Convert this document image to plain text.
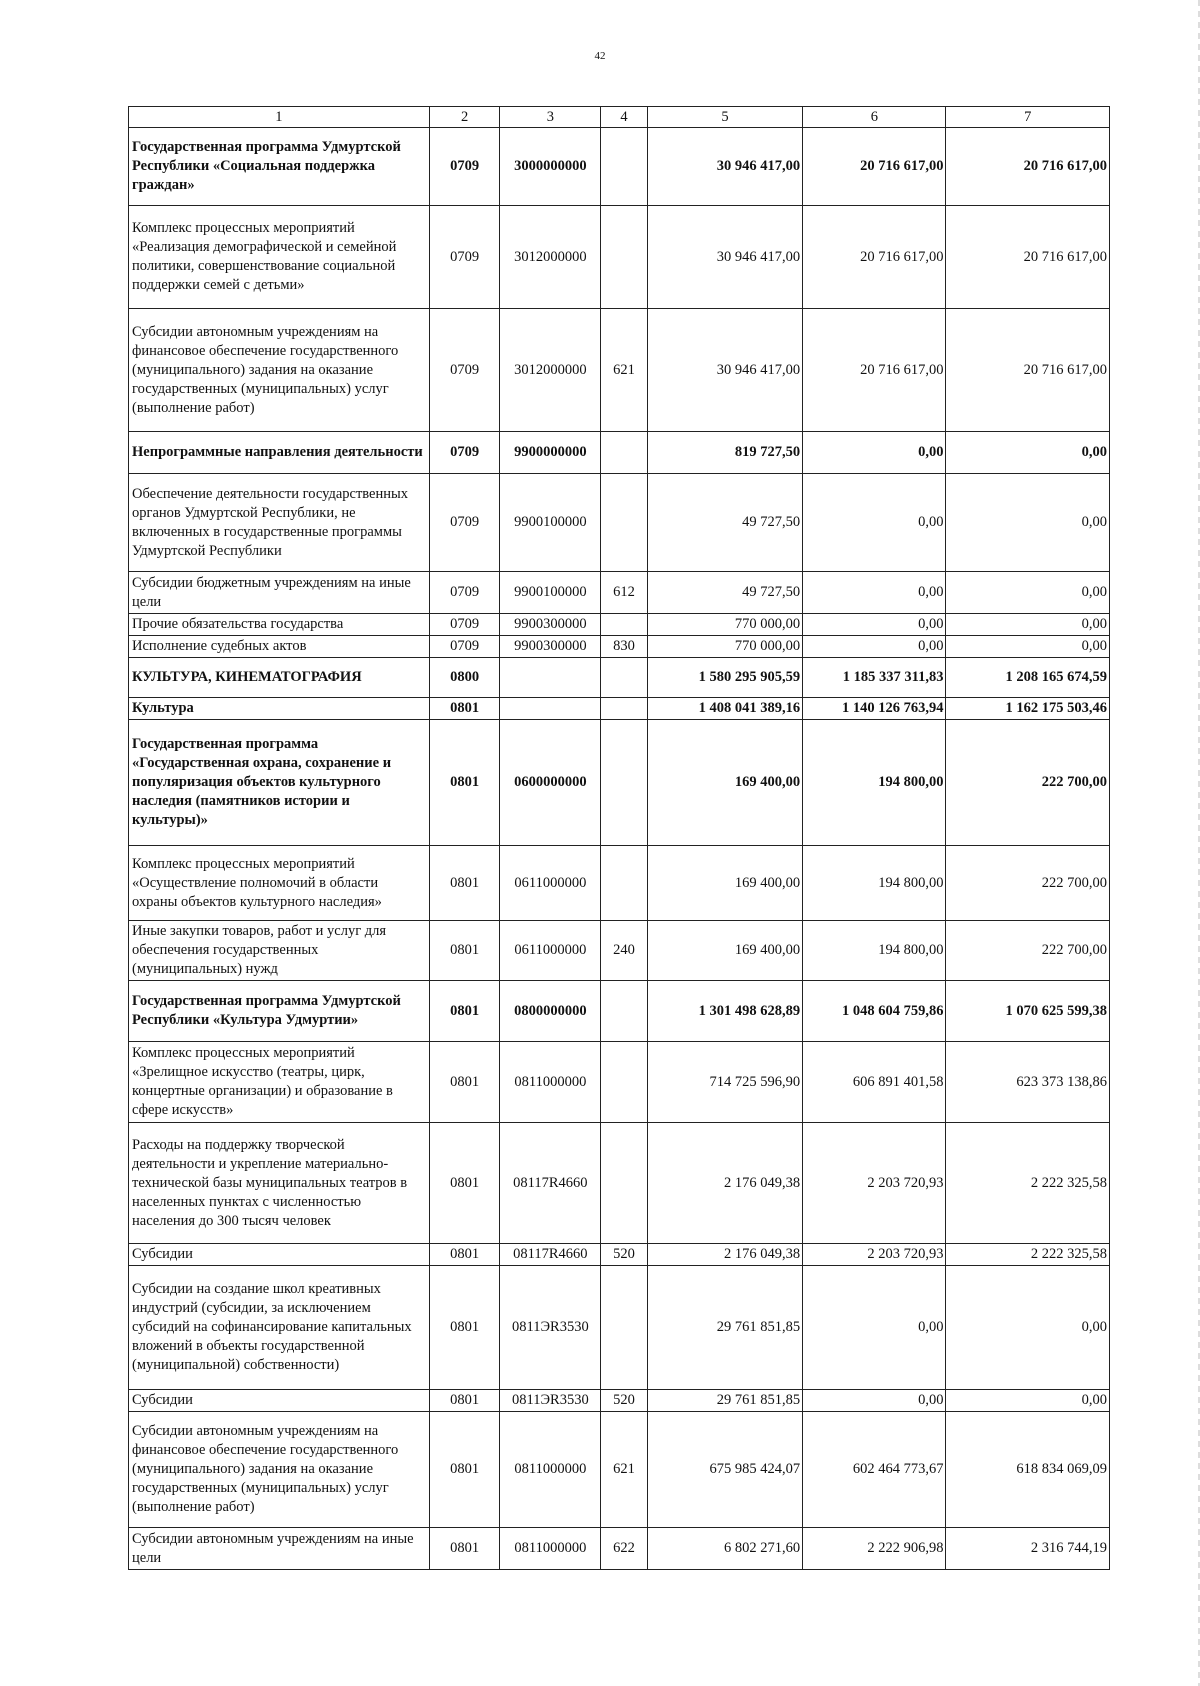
42
1	2	3	4	5	6	7
Государственная программа Удмуртской Республики «Социальная поддержка граждан»	0709	3000000000		30 946 417,00	20 716 617,00	20 716 617,00
Комплекс процессных мероприятий «Реализация демографической и семейной политики, совершенствование социальной поддержки семей с детьми»	0709	3012000000		30 946 417,00	20 716 617,00	20 716 617,00
Субсидии автономным учреждениям на финансовое обеспечение государственного (муниципального) задания на оказание государственных (муниципальных) услуг (выполнение работ)	0709	3012000000	621	30 946 417,00	20 716 617,00	20 716 617,00
Непрограммные направления деятельности	0709	9900000000		819 727,50	0,00	0,00
Обеспечение деятельности государственных органов Удмуртской Республики, не включенных в государственные программы Удмуртской Республики	0709	9900100000		49 727,50	0,00	0,00
Субсидии бюджетным учреждениям на иные цели	0709	9900100000	612	49 727,50	0,00	0,00
Прочие обязательства государства	0709	9900300000		770 000,00	0,00	0,00
Исполнение судебных актов	0709	9900300000	830	770 000,00	0,00	0,00
КУЛЬТУРА, КИНЕМАТОГРАФИЯ	0800			1 580 295 905,59	1 185 337 311,83	1 208 165 674,59
Культура	0801			1 408 041 389,16	1 140 126 763,94	1 162 175 503,46
Государственная программа «Государственная охрана, сохранение и популяризация объектов культурного наследия (памятников истории и культуры)»	0801	0600000000		169 400,00	194 800,00	222 700,00
Комплекс процессных мероприятий «Осуществление полномочий в области охраны объектов культурного наследия»	0801	0611000000		169 400,00	194 800,00	222 700,00
Иные закупки товаров, работ и услуг для обеспечения государственных (муниципальных) нужд	0801	0611000000	240	169 400,00	194 800,00	222 700,00
Государственная программа Удмуртской Республики «Культура Удмуртии»	0801	0800000000		1 301 498 628,89	1 048 604 759,86	1 070 625 599,38
Комплекс процессных мероприятий «Зрелищное искусство (театры, цирк, концертные организации) и образование в сфере искусств»	0801	0811000000		714 725 596,90	606 891 401,58	623 373 138,86
Расходы на поддержку творческой деятельности и укрепление материально-технической базы муниципальных театров в населенных пунктах с численностью населения до 300 тысяч человек	0801	08117R4660		2 176 049,38	2 203 720,93	2 222 325,58
Субсидии	0801	08117R4660	520	2 176 049,38	2 203 720,93	2 222 325,58
Субсидии на создание школ креативных индустрий (субсидии, за исключением субсидий на софинансирование капитальных вложений в объекты государственной (муниципальной) собственности)	0801	0811ЭR3530		29 761 851,85	0,00	0,00
Субсидии	0801	0811ЭR3530	520	29 761 851,85	0,00	0,00
Субсидии автономным учреждениям на финансовое обеспечение государственного (муниципального) задания на оказание государственных (муниципальных) услуг (выполнение работ)	0801	0811000000	621	675 985 424,07	602 464 773,67	618 834 069,09
Субсидии автономным учреждениям на иные цели	0801	0811000000	622	6 802 271,60	2 222 906,98	2 316 744,19
